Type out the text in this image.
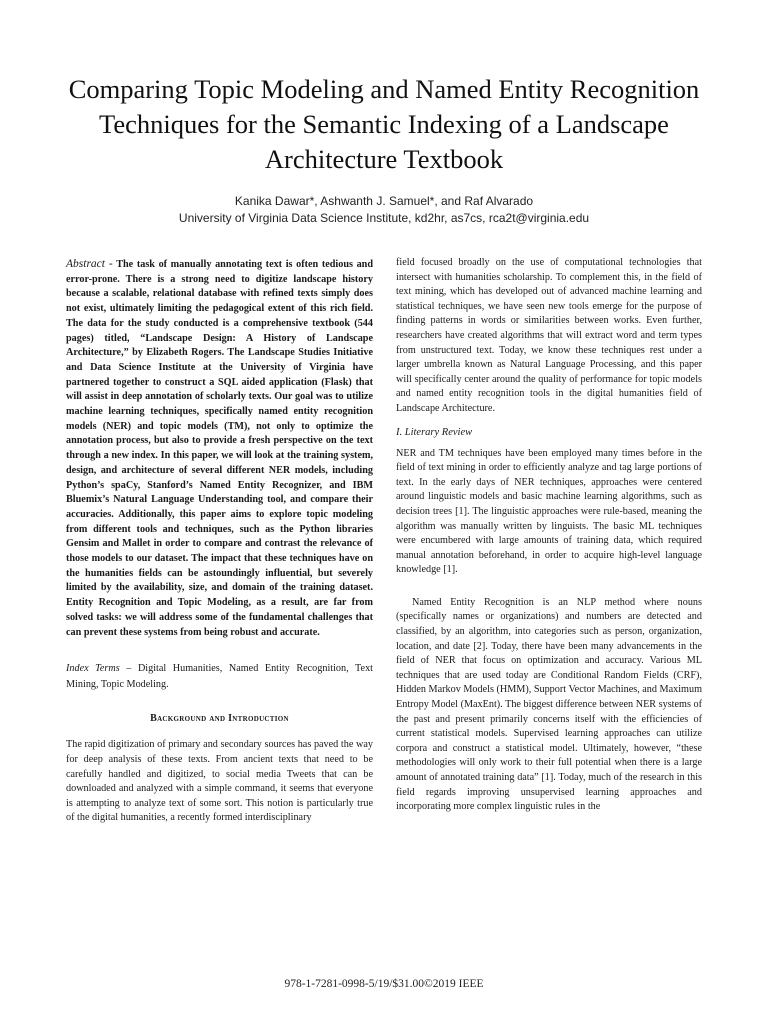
Comparing Topic Modeling and Named Entity Recognition Techniques for the Semantic Indexing of a Landscape Architecture Textbook
Kanika Dawar*, Ashwanth J. Samuel*, and Raf Alvarado
University of Virginia Data Science Institute, kd2hr, as7cs, rca2t@virginia.edu

Abstract - The task of manually annotating text is often tedious and error-prone. There is a strong need to digitize landscape history because a scalable, relational database with refined texts simply does not exist, ultimately limiting the pedagogical extent of this rich field. The data for the study conducted is a comprehensive textbook (544 pages) titled, “Landscape Design: A History of Landscape Architecture,” by Elizabeth Rogers. The Landscape Studies Initiative and Data Science Institute at the University of Virginia have partnered together to construct a SQL aided application (Flask) that will assist in deep annotation of scholarly texts. Our goal was to utilize machine learning techniques, specifically named entity recognition models (NER) and topic models (TM), not only to optimize the annotation process, but also to provide a fresh perspective on the text through a new index. In this paper, we will look at the training system, design, and architecture of several different NER models, including Python’s spaCy, Stanford’s Named Entity Recognizer, and IBM Bluemix’s Natural Language Understanding tool, and compare their accuracies. Additionally, this paper aims to explore topic modeling from different tools and techniques, such as the Python libraries Gensim and Mallet in order to compare and contrast the relevance of those models to our dataset. The impact that these techniques have on the humanities fields can be astoundingly influential, but severely limited by the availability, size, and domain of the training dataset. Entity Recognition and Topic Modeling, as a result, are far from solved tasks: we will address some of the fundamental challenges that can prevent these systems from being robust and accurate.

Index Terms – Digital Humanities, Named Entity Recognition, Text Mining, Topic Modeling.

Background and Introduction

The rapid digitization of primary and secondary sources has paved the way for deep analysis of these texts. From ancient texts that need to be carefully handled and digitized, to social media Tweets that can be downloaded and analyzed with a simple command, it seems that everyone is attempting to analyze text of some sort. This notion is particularly true of the digital humanities, a recently formed interdisciplinary

field focused broadly on the use of computational technologies that intersect with humanities scholarship. To complement this, in the field of text mining, which has developed out of advanced machine learning and statistical techniques, we have seen new tools emerge for the purpose of finding patterns in words or similarities between works. Even further, researchers have created algorithms that will extract word and term types from unstructured text. Today, we know these techniques rest under a larger umbrella known as Natural Language Processing, and this paper will specifically center around the quality of performance for topic models and named entity recognition tools in the digital humanities field of Landscape Architecture.

I. Literary Review

NER and TM techniques have been employed many times before in the field of text mining in order to efficiently analyze and tag large portions of text. In the early days of NER techniques, approaches were centered around linguistic models and basic machine learning algorithms, such as decision trees [1]. The linguistic approaches were rule-based, meaning the algorithm was manually written by linguists. The basic ML techniques were encumbered with large amounts of training data, which required manual annotation beforehand, in order to acquire high-level language knowledge [1].

Named Entity Recognition is an NLP method where nouns (specifically names or organizations) and numbers are detected and classified, by an algorithm, into categories such as person, organization, location, and date [2]. Today, there have been many advancements in the field of NER that focus on optimization and accuracy. Various ML techniques that are used today are Conditional Random Fields (CRF), Hidden Markov Models (HMM), Support Vector Machines, and Maximum Entropy Model (MaxEnt). The biggest difference between NER systems of the past and present primarily concerns itself with the efficiencies of current statistical models. Supervised learning approaches can utilize corpora and construct a statistical model. Ultimately, however, “these methodologies will only work to their full potential when there is a large amount of annotated training data” [1]. Today, much of the research in this field regards improving unsupervised learning approaches and incorporating more complex linguistic rules in the

978-1-7281-0998-5/19/$31.00©2019 IEEE
